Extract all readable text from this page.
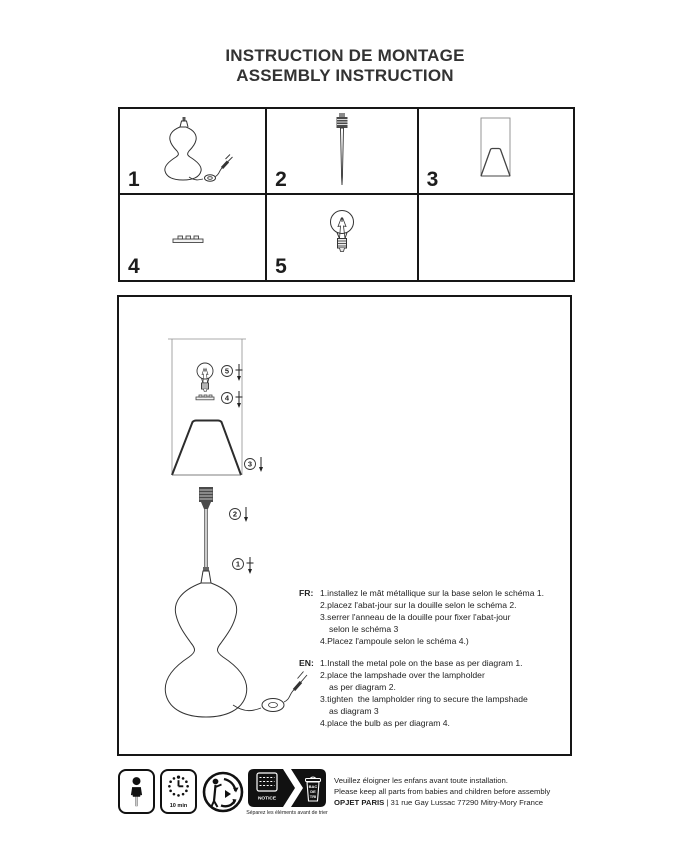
INSTRUCTION DE MONTAGE
ASSEMBLY INSTRUCTION
1	2	3
4	5
5
4
3
2
1
FR: 1.installez le mât métallique sur la base selon le schéma 1.
2.placez l'abat-jour sur la douille selon le schéma 2.
3.serrer l'anneau de la douille pour fixer l'abat-jour
selon le schéma 3
4.Placez l'ampoule selon le schéma 4.)
EN: 1.Install the metal pole on the base as per diagram 1.
2.place the lampshade over the lampholder
as per diagram 2.
3.tighten  the lampholder ring to secure the lampshade
as diagram 3
4.place the bulb as per diagram 4.
10 min
NOTICE
BAC
DE
TRI
Séparez les éléments avant de trier
Veuillez éloigner les enfans avant toute installation.
Please keep all parts from babies and children before assembly
OPJET PARIS | 31 rue Gay Lussac 77290 Mitry-Mory France
